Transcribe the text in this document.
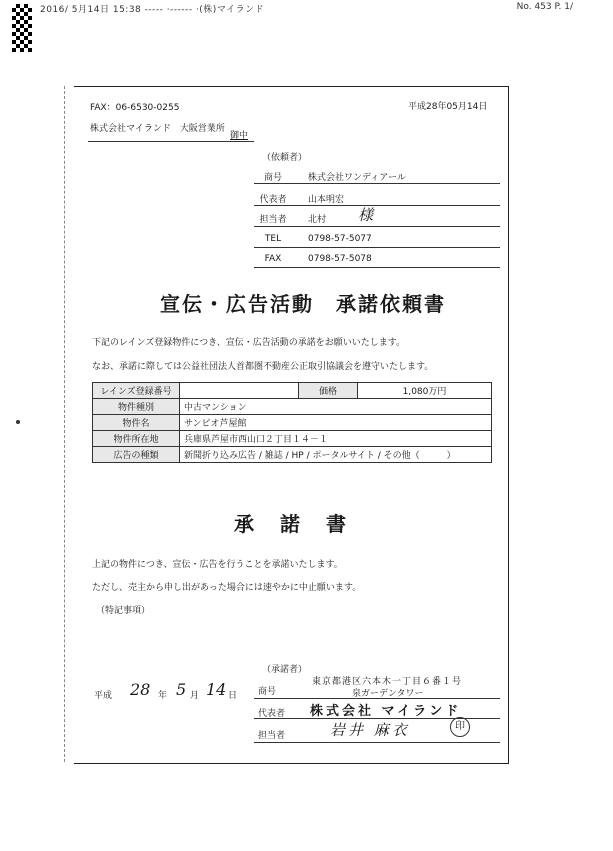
2016/ 5月14日 15:38 ----- ·------ ·(株)マイランド	No. 453 P. 1/
FAX：06-6530-0255	平成28年05月14日
株式会社マイランド　大阪営業所
御中
（依頼者）
商号	株式会社ワンディアール
代表者 山本明宏
担当者 北村 様
TEL	0798-57-5077
FAX	0798-57-5078
宣伝・広告活動　承諾依頼書
下記のレインズ登録物件につき、宣伝・広告活動の承諾をお願いいたします。
なお、承諾に際しては公益社団法人首都圏不動産公正取引協議会を遵守いたします。
レインズ登録番号		価格	1,080万円
物件種別	中古マンション		
物件名	サンピオ芦屋館		
物件所在地	兵庫県芦屋市西山口２丁目１４－１		
広告の種類	新聞折り込み広告 / 雑誌 / HP / ポータルサイト / その他（　　　）		
承諾書
上記の物件につき、宣伝・広告を行うことを承諾いたします。
ただし、売主から申し出があった場合には速やかに中止願います。
（特記事項）
（承諾者）
平成 28 年 5 月 14 日 商号
東京都港区六本木一丁目６番１号
泉ガーデンタワー
代表者 株式会社 マイランド
担当者	岩井 麻衣	印
